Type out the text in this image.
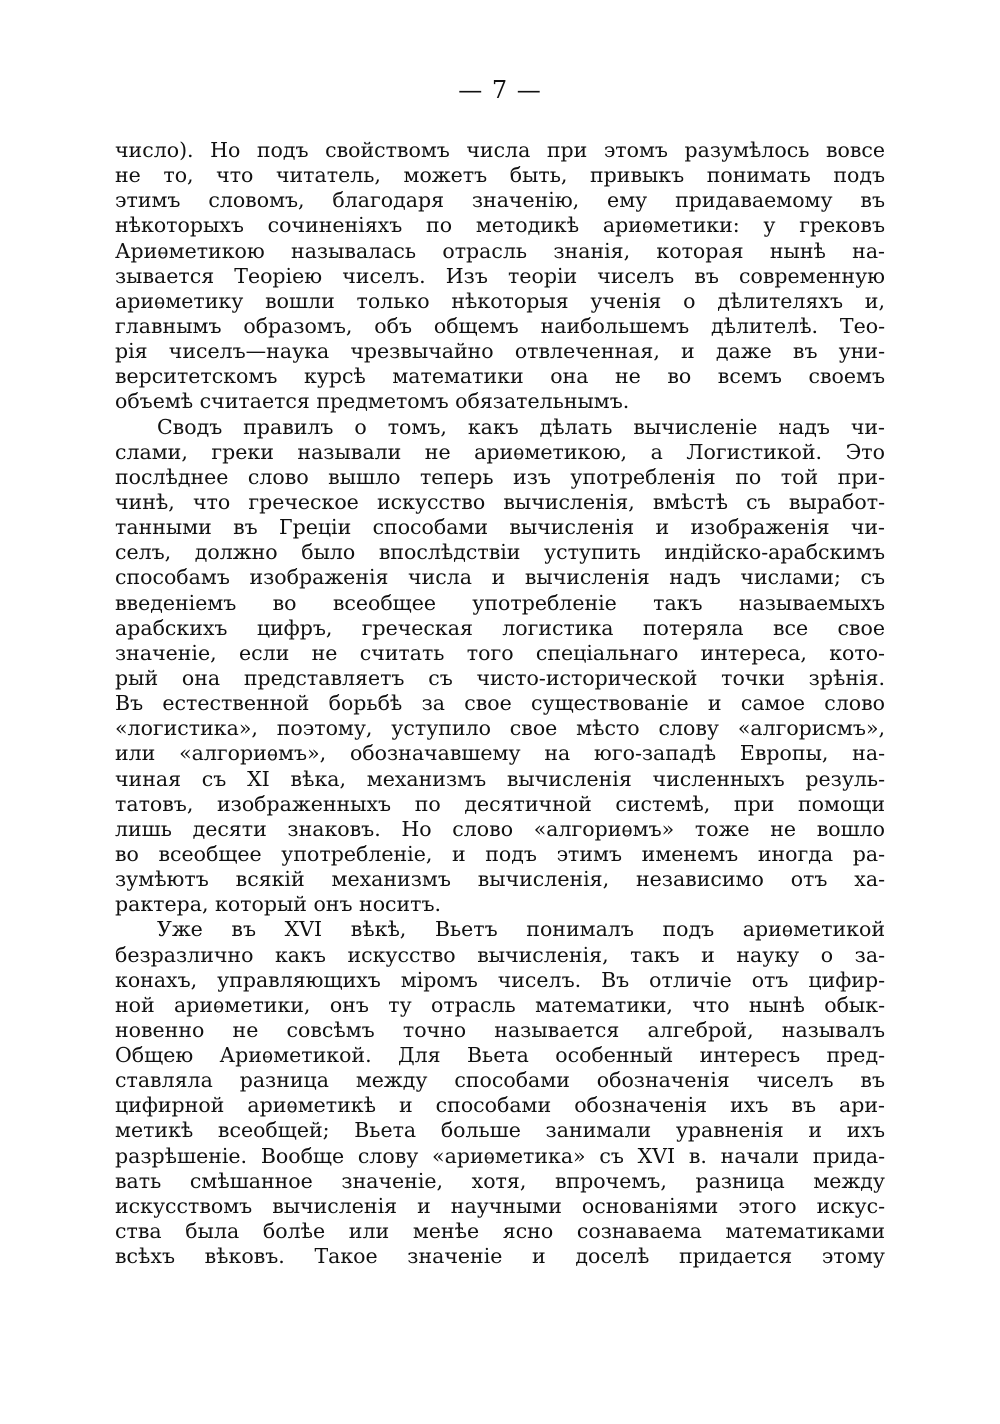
— 7 —
число). Но подъ свойствомъ числа при этомъ разумѣлось вовсе
не то, что читатель, можетъ быть, привыкъ понимать подъ
этимъ словомъ, благодаря значенію, ему придаваемому въ
нѣкоторыхъ сочиненіяхъ по методикѣ ариѳметики: у грековъ
Ариѳметикою называлась отрасль знанія, которая нынѣ на-
зывается Теоріею чиселъ. Изъ теоріи чиселъ въ современную
ариѳметику вошли только нѣкоторыя ученія о дѣлителяхъ и,
главнымъ образомъ, объ общемъ наибольшемъ дѣлителѣ. Тео-
рія чиселъ—наука чрезвычайно отвлеченная, и даже въ уни-
верситетскомъ курсѣ математики она не во всемъ своемъ
объемѣ считается предметомъ обязательнымъ.
Сводъ правилъ о томъ, какъ дѣлать вычисленіе надъ чи-
слами, греки называли не ариѳметикою, а Логистикой. Это
послѣднее слово вышло теперь изъ употребленія по той при-
чинѣ, что греческое искусство вычисленія, вмѣстѣ съ выработ-
танными въ Греціи способами вычисленія и изображенія чи-
селъ, должно было впослѣдствіи уступить индійско-арабскимъ
способамъ изображенія числа и вычисленія надъ числами; съ
введеніемъ во всеобщее употребленіе такъ называемыхъ
арабскихъ цифръ, греческая логистика потеряла все свое
значеніе, если не считать того спеціальнаго интереса, кото-
рый она представляетъ съ чисто-исторической точки зрѣнія.
Въ естественной борьбѣ за свое существованіе и самое слово
«логистика», поэтому, уступило свое мѣсто слову «алгорисмъ»,
или «алгориѳмъ», обозначавшему на юго-западѣ Европы, на-
чиная съ XI вѣка, механизмъ вычисленія численныхъ резуль-
татовъ, изображенныхъ по десятичной системѣ, при помощи
лишь десяти знаковъ. Но слово «алгориѳмъ» тоже не вошло
во всеобщее употребленіе, и подъ этимъ именемъ иногда ра-
зумѣютъ всякій механизмъ вычисленія, независимо отъ ха-
рактера, который онъ носитъ.
Уже въ XVI вѣкѣ, Вьетъ понималъ подъ ариѳметикой
безразлично какъ искусство вычисленія, такъ и науку о за-
конахъ, управляющихъ міромъ чиселъ. Въ отличіе отъ цифир-
ной ариѳметики, онъ ту отрасль математики, что нынѣ обык-
новенно не совсѣмъ точно называется алгеброй, называлъ
Общею Ариѳметикой. Для Вьета особенный интересъ пред-
ставляла разница между способами обозначенія чиселъ въ
цифирной ариѳметикѣ и способами обозначенія ихъ въ ари-
метикѣ всеобщей; Вьета больше занимали уравненія и ихъ
разрѣшеніе. Вообще слову «ариѳметика» съ XVI в. начали прида-
вать смѣшанное значеніе, хотя, впрочемъ, разница между
искусствомъ вычисленія и научными основаніями этого искус-
ства была болѣе или менѣе ясно сознаваема математиками
всѣхъ вѣковъ. Такое значеніе и доселѣ придается этому
